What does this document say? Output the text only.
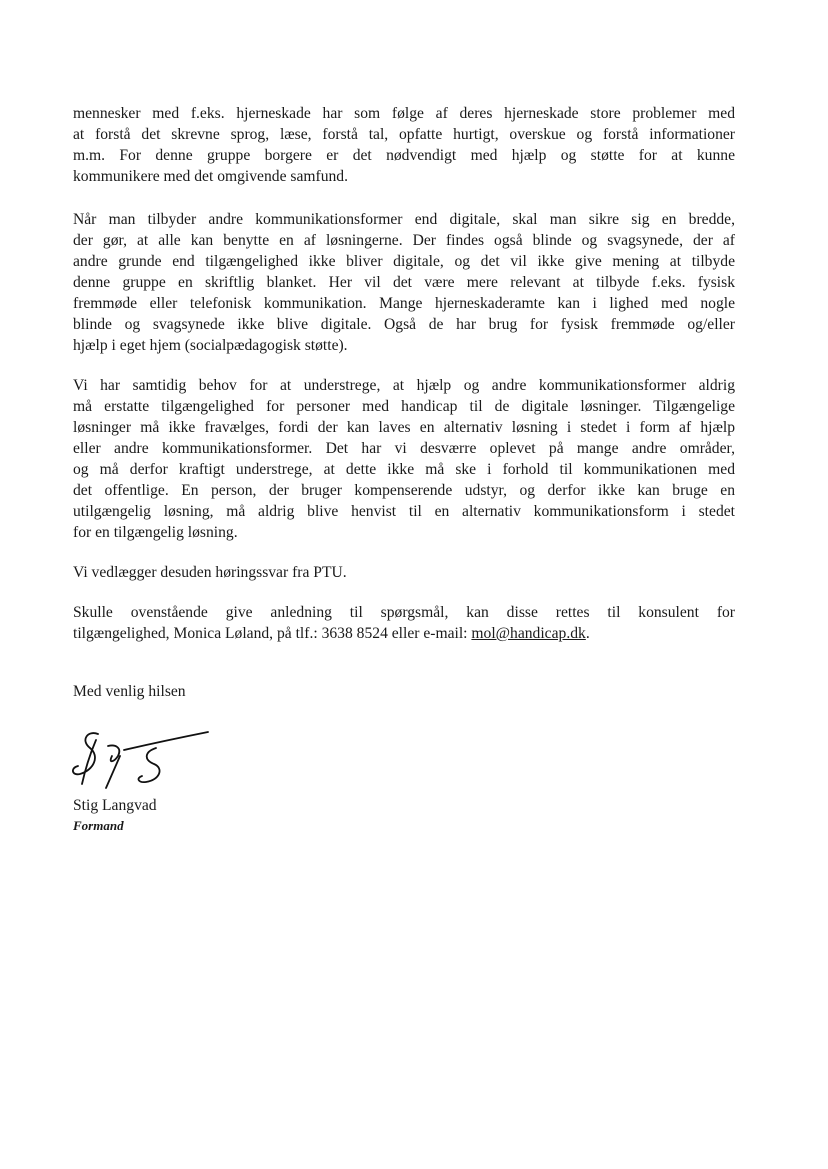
mennesker med f.eks. hjerneskade har som følge af deres hjerneskade store problemer med
at forstå det skrevne sprog, læse, forstå tal, opfatte hurtigt, overskue og forstå informationer
m.m. For denne gruppe borgere er det nødvendigt med hjælp og støtte for at kunne
kommunikere med det omgivende samfund.
Når man tilbyder andre kommunikationsformer end digitale, skal man sikre sig en bredde,
der gør, at alle kan benytte en af løsningerne. Der findes også blinde og svagsynede, der af
andre grunde end tilgængelighed ikke bliver digitale, og det vil ikke give mening at tilbyde
denne gruppe en skriftlig blanket. Her vil det være mere relevant at tilbyde f.eks. fysisk
fremmøde eller telefonisk kommunikation. Mange hjerneskaderamte kan i lighed med nogle
blinde og svagsynede ikke blive digitale. Også de har brug for fysisk fremmøde og/eller
hjælp i eget hjem (socialpædagogisk støtte).
Vi har samtidig behov for at understrege, at hjælp og andre kommunikationsformer aldrig
må erstatte tilgængelighed for personer med handicap til de digitale løsninger. Tilgængelige
løsninger må ikke fravælges, fordi der kan laves en alternativ løsning i stedet i form af hjælp
eller andre kommunikationsformer. Det har vi desværre oplevet på mange andre områder,
og må derfor kraftigt understrege, at dette ikke må ske i forhold til kommunikationen med
det offentlige. En person, der bruger kompenserende udstyr, og derfor ikke kan bruge en
utilgængelig løsning, må aldrig blive henvist til en alternativ kommunikationsform i stedet
for en tilgængelig løsning.
Vi vedlægger desuden høringssvar fra PTU.
Skulle ovenstående give anledning til spørgsmål, kan disse rettes til konsulent for
tilgængelighed, Monica Løland, på tlf.: 3638 8524 eller e-mail: mol@handicap.dk.

Med venlig hilsen

Stig Langvad

Formand
